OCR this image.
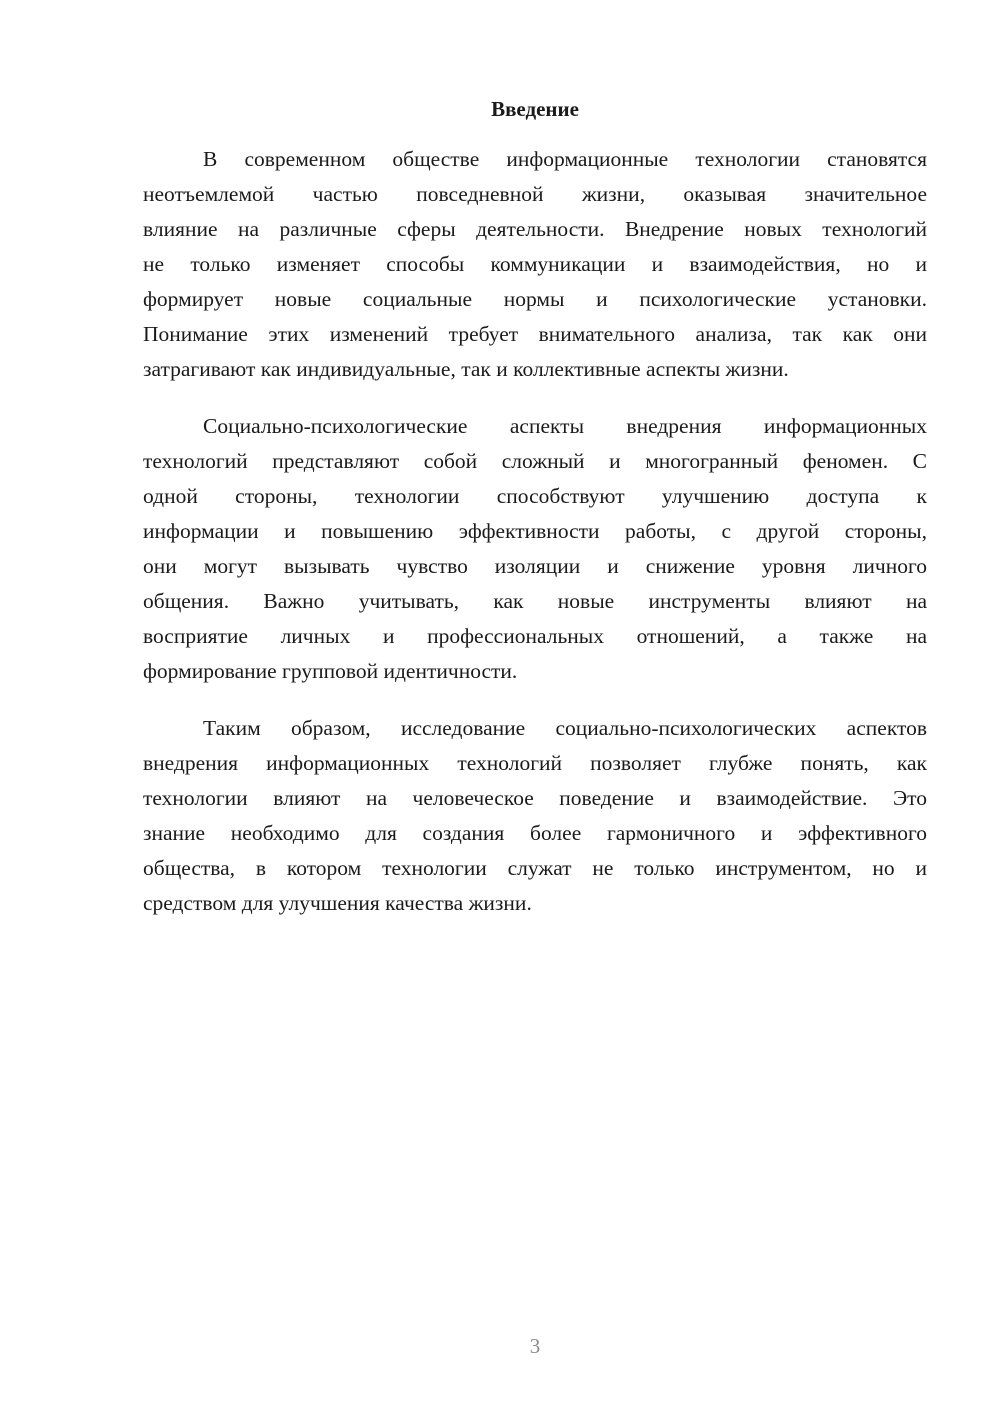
Введение
В современном обществе информационные технологии становятся
неотъемлемой частью повседневной жизни, оказывая значительное
влияние на различные сферы деятельности. Внедрение новых технологий
не только изменяет способы коммуникации и взаимодействия, но и
формирует новые социальные нормы и психологические установки.
Понимание этих изменений требует внимательного анализа, так как они
затрагивают как индивидуальные, так и коллективные аспекты жизни.
Социально-психологические аспекты внедрения информационных
технологий представляют собой сложный и многогранный феномен. С
одной стороны, технологии способствуют улучшению доступа к
информации и повышению эффективности работы, с другой стороны,
они могут вызывать чувство изоляции и снижение уровня личного
общения. Важно учитывать, как новые инструменты влияют на
восприятие личных и профессиональных отношений, а также на
формирование групповой идентичности.
Таким образом, исследование социально-психологических аспектов
внедрения информационных технологий позволяет глубже понять, как
технологии влияют на человеческое поведение и взаимодействие. Это
знание необходимо для создания более гармоничного и эффективного
общества, в котором технологии служат не только инструментом, но и
средством для улучшения качества жизни.
3
